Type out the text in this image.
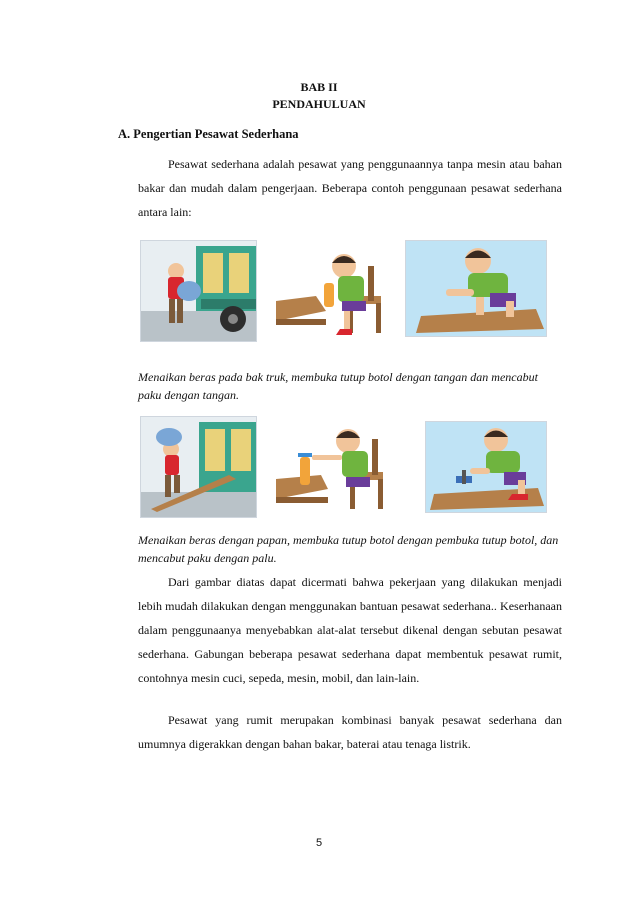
BAB II
PENDAHULUAN
A. Pengertian Pesawat Sederhana
Pesawat sederhana adalah pesawat yang penggunaannya tanpa mesin atau bahan bakar dan mudah dalam pengerjaan. Beberapa contoh penggunaan pesawat sederhana antara lain:
Menaikan beras pada bak truk, membuka tutup botol dengan tangan dan mencabut paku dengan tangan.
Menaikan beras dengan papan, membuka tutup botol dengan pembuka tutup botol, dan mencabut paku dengan palu.
Dari gambar diatas dapat dicermati bahwa pekerjaan yang dilakukan menjadi lebih mudah dilakukan dengan menggunakan bantuan pesawat sederhana.. Keserhanaan dalam penggunaanya menyebabkan alat-alat tersebut dikenal dengan sebutan pesawat sederhana. Gabungan beberapa pesawat sederhana dapat membentuk pesawat rumit, contohnya mesin cuci, sepeda, mesin, mobil, dan lain-lain.
Pesawat yang rumit merupakan kombinasi banyak pesawat sederhana dan umumnya digerakkan dengan bahan bakar, baterai atau tenaga listrik.
5
